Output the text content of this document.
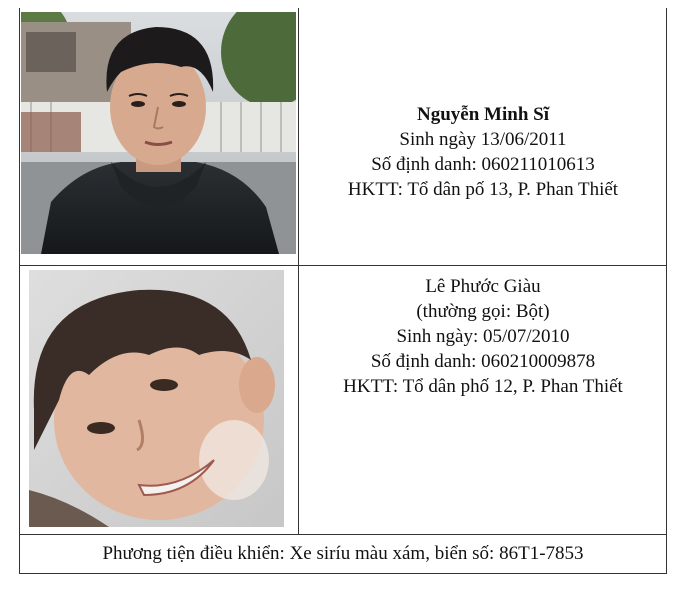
Nguyễn Minh Sĩ
Sinh ngày 13/06/2011
Số định danh: 060211010613
HKTT: Tổ dân pố 13, P. Phan Thiết
Lê Phước Giàu
(thường gọi: Bột)
Sinh ngày: 05/07/2010
Số định danh: 060210009878
HKTT: Tổ dân phố 12, P. Phan Thiết
Phương tiện điều khiển: Xe siríu màu xám, biển số: 86T1-7853
